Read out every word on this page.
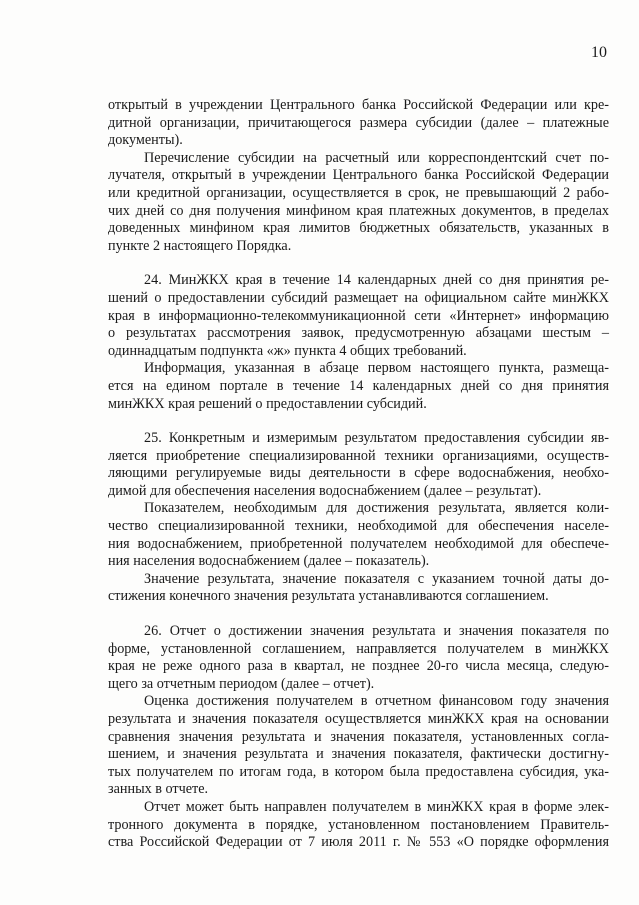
10

открытый в учреждении Центрального банка Российской Федерации или кре-
дитной организации, причитающегося размера субсидии (далее – платежные
документы).

Перечисление субсидии на расчетный или корреспондентский счет по-
лучателя, открытый в учреждении Центрального банка Российской Федерации
или кредитной организации, осуществляется в срок, не превышающий 2 рабо-
чих дней со дня получения минфином края платежных документов, в пределах
доведенных минфином края лимитов бюджетных обязательств, указанных в
пункте 2 настоящего Порядка.

24. МинЖКХ края в течение 14 календарных дней со дня принятия ре-
шений о предоставлении субсидий размещает на официальном сайте минЖКХ
края в информационно-телекоммуникационной сети «Интернет» информацию
о результатах рассмотрения заявок, предусмотренную абзацами шестым –
одиннадцатым подпункта «ж» пункта 4 общих требований.

Информация, указанная в абзаце первом настоящего пункта, размеща-
ется на едином портале в течение 14 календарных дней со дня принятия
минЖКХ края решений о предоставлении субсидий.

25. Конкретным и измеримым результатом предоставления субсидии яв-
ляется приобретение специализированной техники организациями, осуществ-
ляющими регулируемые виды деятельности в сфере водоснабжения, необхо-
димой для обеспечения населения водоснабжением (далее – результат).

Показателем, необходимым для достижения результата, является коли-
чество специализированной техники, необходимой для обеспечения населе-
ния водоснабжением, приобретенной получателем необходимой для обеспече-
ния населения водоснабжением (далее – показатель).

Значение результата, значение показателя с указанием точной даты до-
стижения конечного значения результата устанавливаются соглашением.

26. Отчет о достижении значения результата и значения показателя по
форме, установленной соглашением, направляется получателем в минЖКХ
края не реже одного раза в квартал, не позднее 20-го числа месяца, следую-
щего за отчетным периодом (далее – отчет).

Оценка достижения получателем в отчетном финансовом году значения
результата и значения показателя осуществляется минЖКХ края на основании
сравнения значения результата и значения показателя, установленных согла-
шением, и значения результата и значения показателя, фактически достигну-
тых получателем по итогам года, в котором была предоставлена субсидия, ука-
занных в отчете.

Отчет может быть направлен получателем в минЖКХ края в форме элек-
тронного документа в порядке, установленном постановлением Правитель-
ства Российской Федерации от 7 июля 2011 г. № 553 «О порядке оформления
